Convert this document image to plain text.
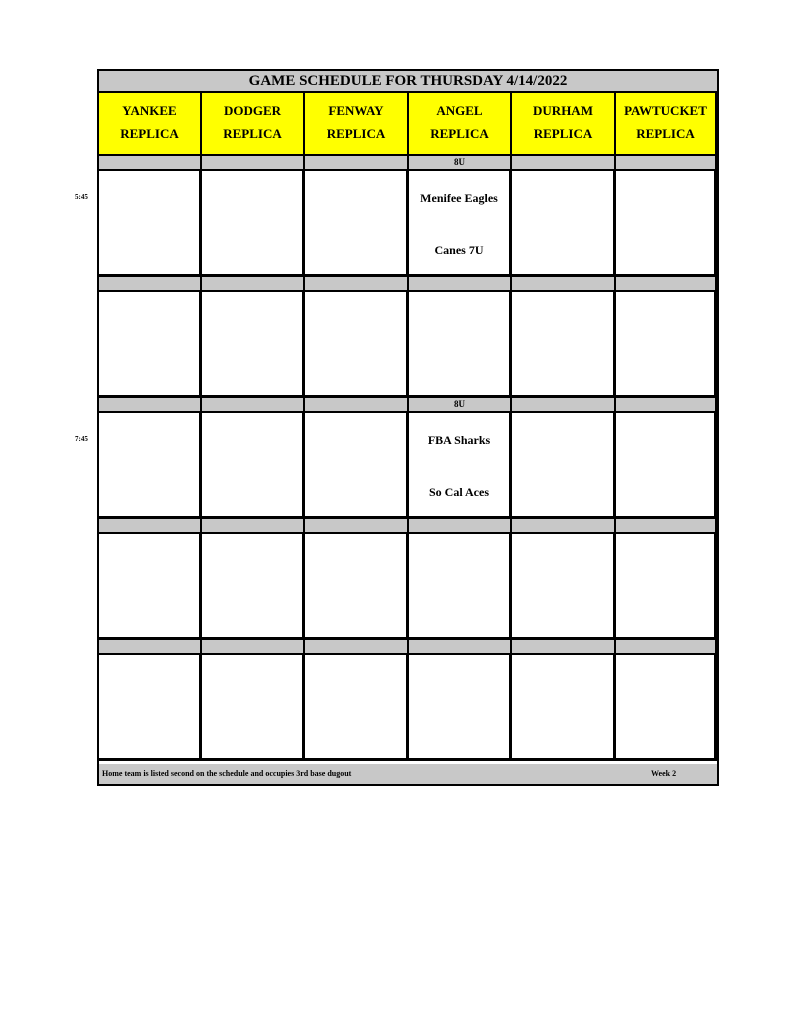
GAME SCHEDULE FOR THURSDAY 4/14/2022
YANKEE
REPLICA
DODGER
REPLICA
FENWAY
REPLICA
ANGEL
REPLICA
DURHAM
REPLICA
PAWTUCKET
REPLICA
8U
Menifee Eagles
Canes 7U
8U
FBA Sharks
So Cal Aces
Home team is listed second on the schedule and occupies 3rd base dugout	Week 2
5:45
7:45
